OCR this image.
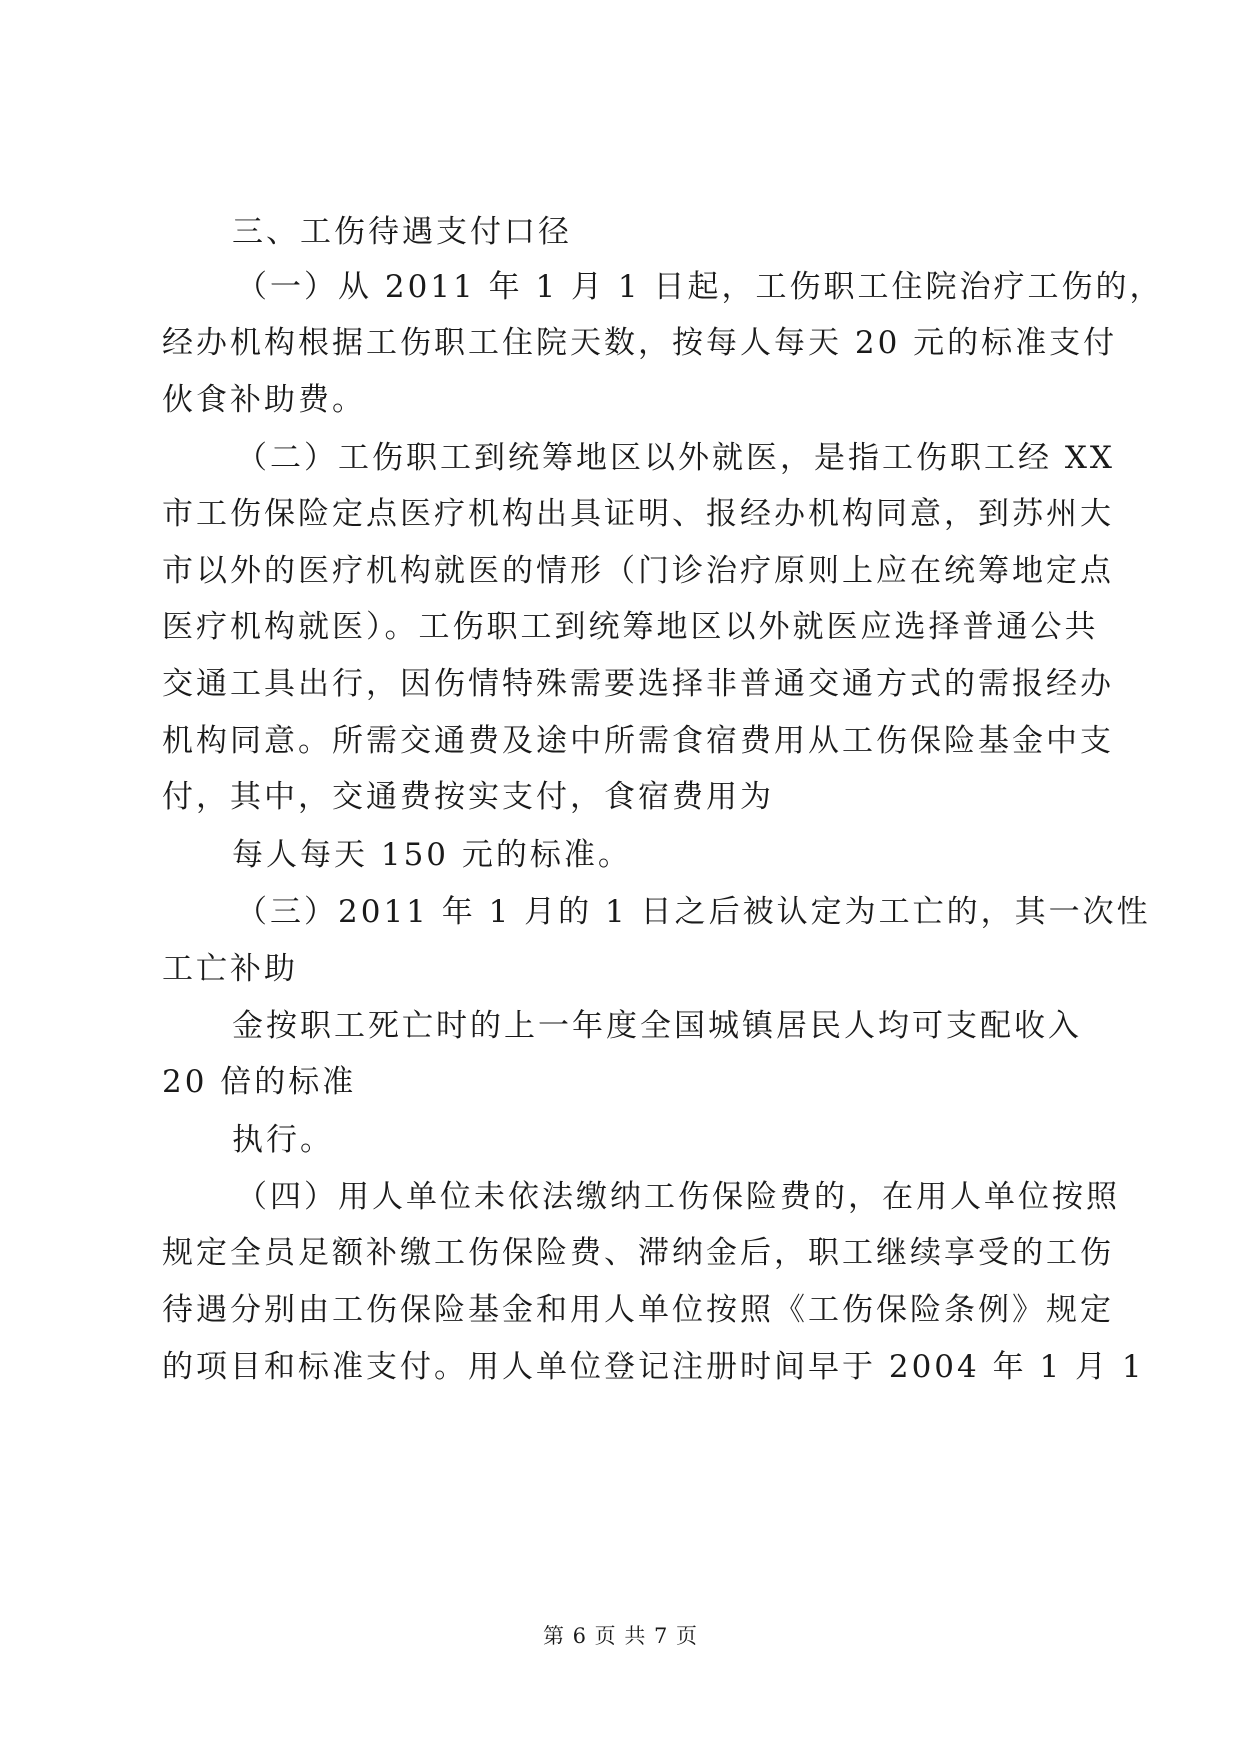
三、工伤待遇支付口径
（一）从 2011 年 1 月 1 日起，工伤职工住院治疗工伤的，
经办机构根据工伤职工住院天数，按每人每天 20 元的标准支付
伙食补助费。
（二）工伤职工到统筹地区以外就医，是指工伤职工经 XX
市工伤保险定点医疗机构出具证明、报经办机构同意，到苏州大
市以外的医疗机构就医的情形（门诊治疗原则上应在统筹地定点
医疗机构就医）。工伤职工到统筹地区以外就医应选择普通公共
交通工具出行，因伤情特殊需要选择非普通交通方式的需报经办
机构同意。所需交通费及途中所需食宿费用从工伤保险基金中支
付，其中，交通费按实支付，食宿费用为
每人每天 150 元的标准。
（三）2011 年 1 月的 1 日之后被认定为工亡的，其一次性
工亡补助
金按职工死亡时的上一年度全国城镇居民人均可支配收入
20 倍的标准
执行。
（四）用人单位未依法缴纳工伤保险费的，在用人单位按照
规定全员足额补缴工伤保险费、滞纳金后，职工继续享受的工伤
待遇分别由工伤保险基金和用人单位按照《工伤保险条例》规定
的项目和标准支付。用人单位登记注册时间早于 2004 年 1 月 1
第 6 页 共 7 页
